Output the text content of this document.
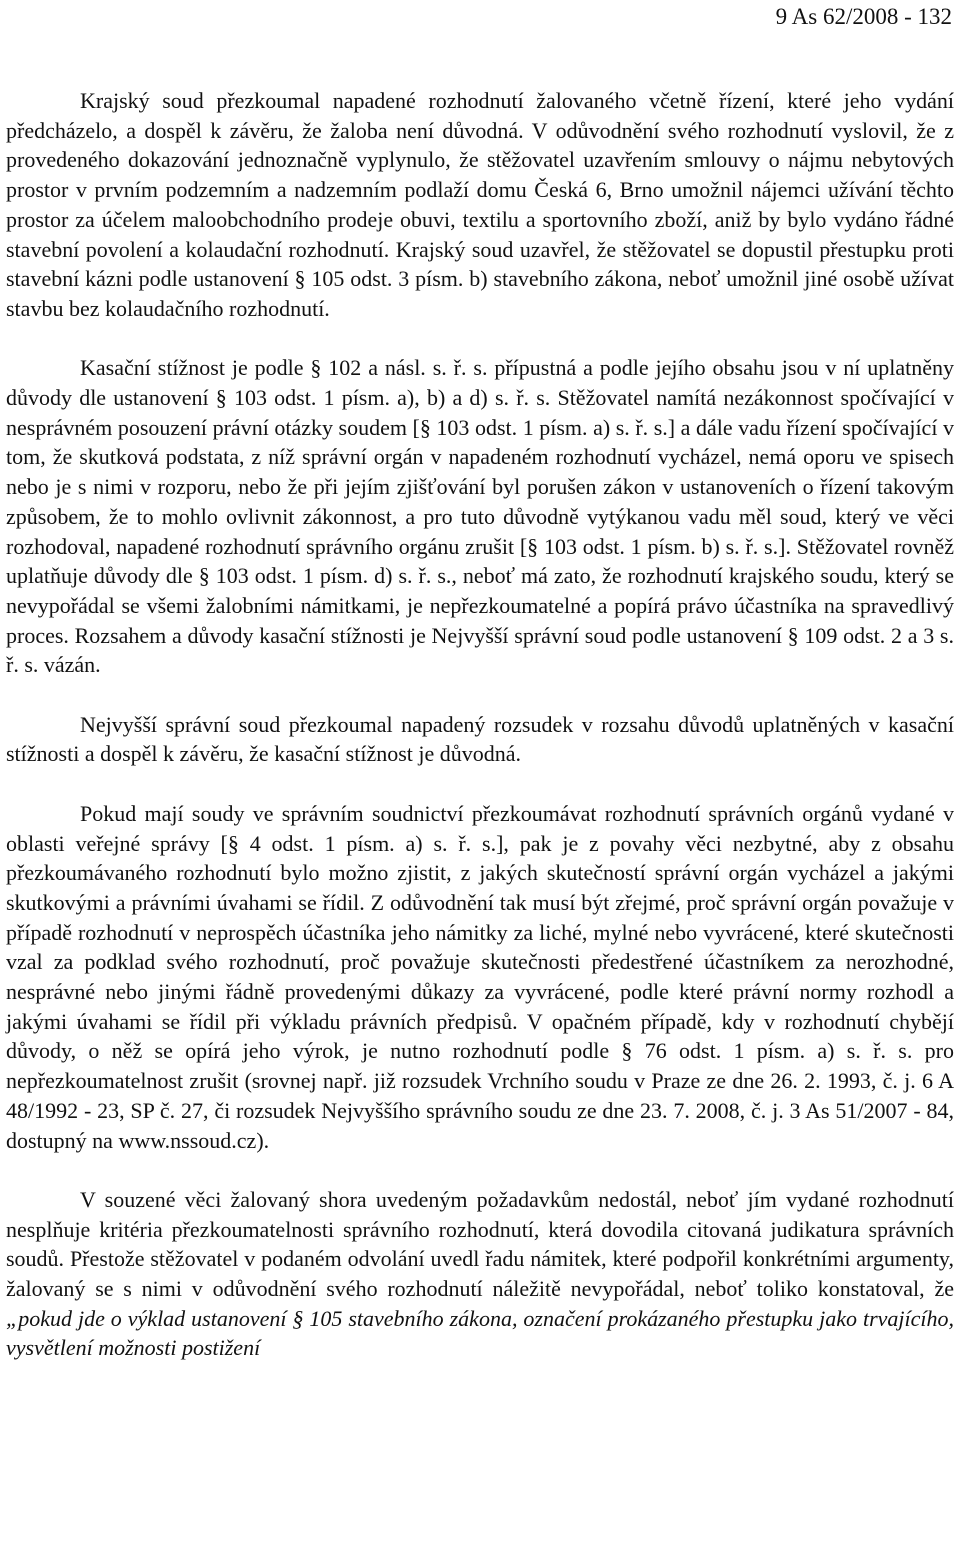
9 As 62/2008 - 132

Krajský soud přezkoumal napadené rozhodnutí žalovaného včetně řízení, které jeho vydání předcházelo, a dospěl k závěru, že žaloba není důvodná. V odůvodnění svého rozhodnutí vyslovil, že z provedeného dokazování jednoznačně vyplynulo, že stěžovatel uzavřením smlouvy o nájmu nebytových prostor v prvním podzemním a nadzemním podlaží domu Česká 6, Brno umožnil nájemci užívání těchto prostor za účelem maloobchodního prodeje obuvi, textilu a sportovního zboží, aniž by bylo vydáno řádné stavební povolení a kolaudační rozhodnutí. Krajský soud uzavřel, že stěžovatel se dopustil přestupku proti stavební kázni podle ustanovení § 105 odst. 3 písm. b) stavebního zákona, neboť umožnil jiné osobě užívat stavbu bez kolaudačního rozhodnutí.

Kasační stížnost je podle § 102 a násl. s. ř. s. přípustná a podle jejího obsahu jsou v ní uplatněny důvody dle ustanovení § 103 odst. 1 písm. a), b) a d) s. ř. s. Stěžovatel namítá nezákonnost spočívající v nesprávném posouzení právní otázky soudem [§ 103 odst. 1 písm. a) s. ř. s.] a dále vadu řízení spočívající v tom, že skutková podstata, z níž správní orgán v napadeném rozhodnutí vycházel, nemá oporu ve spisech nebo je s nimi v rozporu, nebo že při jejím zjišťování byl porušen zákon v ustanoveních o řízení takovým způsobem, že to mohlo ovlivnit zákonnost, a pro tuto důvodně vytýkanou vadu měl soud, který ve věci rozhodoval, napadené rozhodnutí správního orgánu zrušit [§ 103 odst. 1 písm. b) s. ř. s.]. Stěžovatel rovněž uplatňuje důvody dle § 103 odst. 1 písm. d) s. ř. s., neboť má zato, že rozhodnutí krajského soudu, který se nevypořádal se všemi žalobními námitkami, je nepřezkoumatelné a popírá právo účastníka na spravedlivý proces. Rozsahem a důvody kasační stížnosti je Nejvyšší správní soud podle ustanovení § 109 odst. 2 a 3 s. ř. s. vázán.

Nejvyšší správní soud přezkoumal napadený rozsudek v rozsahu důvodů uplatněných v kasační stížnosti a dospěl k závěru, že kasační stížnost je důvodná.

Pokud mají soudy ve správním soudnictví přezkoumávat rozhodnutí správních orgánů vydané v oblasti veřejné správy [§ 4 odst. 1 písm. a) s. ř. s.], pak je z povahy věci nezbytné, aby z obsahu přezkoumávaného rozhodnutí bylo možno zjistit, z jakých skutečností správní orgán vycházel a jakými skutkovými a právními úvahami se řídil. Z odůvodnění tak musí být zřejmé, proč správní orgán považuje v případě rozhodnutí v neprospěch účastníka jeho námitky za liché, mylné nebo vyvrácené, které skutečnosti vzal za podklad svého rozhodnutí, proč považuje skutečnosti předestřené účastníkem za nerozhodné, nesprávné nebo jinými řádně provedenými důkazy za vyvrácené, podle které právní normy rozhodl a jakými úvahami se řídil při výkladu právních předpisů. V opačném případě, kdy v rozhodnutí chybějí důvody, o něž se opírá jeho výrok, je nutno rozhodnutí podle § 76 odst. 1 písm. a) s. ř. s. pro nepřezkoumatelnost zrušit (srovnej např. již rozsudek Vrchního soudu v Praze ze dne 26. 2. 1993, č. j. 6 A 48/1992 - 23, SP č. 27, či rozsudek Nejvyššího správního soudu ze dne 23. 7. 2008, č. j. 3 As 51/2007 - 84, dostupný na www.nssoud.cz).

V souzené věci žalovaný shora uvedeným požadavkům nedostál, neboť jím vydané rozhodnutí nesplňuje kritéria přezkoumatelnosti správního rozhodnutí, která dovodila citovaná judikatura správních soudů. Přestože stěžovatel v podaném odvolání uvedl řadu námitek, které podpořil konkrétními argumenty, žalovaný se s nimi v odůvodnění svého rozhodnutí náležitě nevypořádal, neboť toliko konstatoval, že „pokud jde o výklad ustanovení § 105 stavebního zákona, označení prokázaného přestupku jako trvajícího, vysvětlení možnosti postižení
